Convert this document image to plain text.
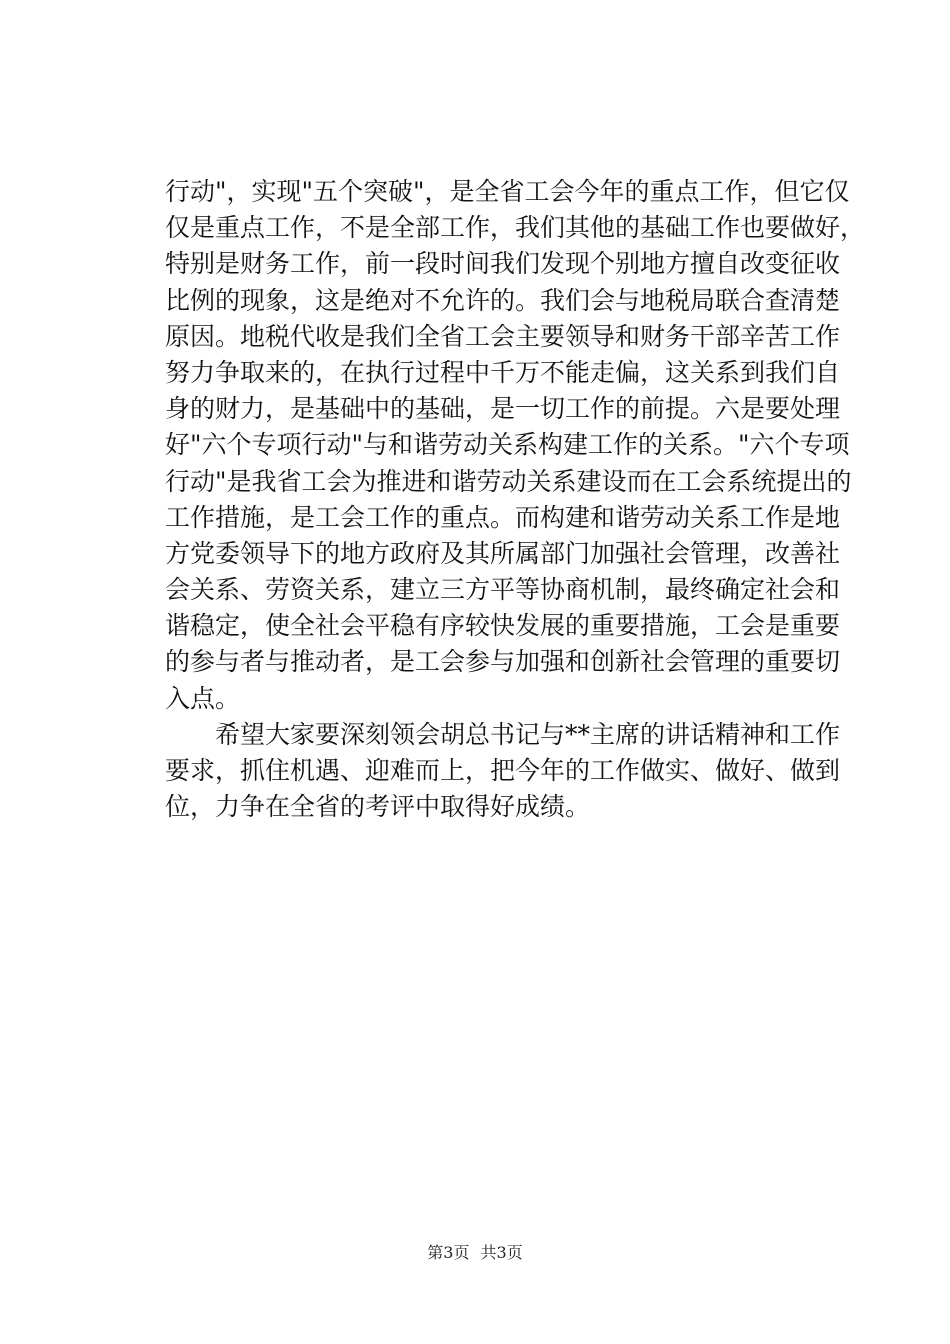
行动"，实现"五个突破"，是全省工会今年的重点工作，但它仅
仅是重点工作，不是全部工作，我们其他的基础工作也要做好，
特别是财务工作，前一段时间我们发现个别地方擅自改变征收
比例的现象，这是绝对不允许的。我们会与地税局联合查清楚
原因。地税代收是我们全省工会主要领导和财务干部辛苦工作
努力争取来的，在执行过程中千万不能走偏，这关系到我们自
身的财力，是基础中的基础，是一切工作的前提。六是要处理
好"六个专项行动"与和谐劳动关系构建工作的关系。"六个专项
行动"是我省工会为推进和谐劳动关系建设而在工会系统提出的
工作措施，是工会工作的重点。而构建和谐劳动关系工作是地
方党委领导下的地方政府及其所属部门加强社会管理，改善社
会关系、劳资关系，建立三方平等协商机制，最终确定社会和
谐稳定，使全社会平稳有序较快发展的重要措施，工会是重要
的参与者与推动者，是工会参与加强和创新社会管理的重要切
入点。
希望大家要深刻领会胡总书记与**主席的讲话精神和工作
要求，抓住机遇、迎难而上，把今年的工作做实、做好、做到
位，力争在全省的考评中取得好成绩。
第3页 共3页
